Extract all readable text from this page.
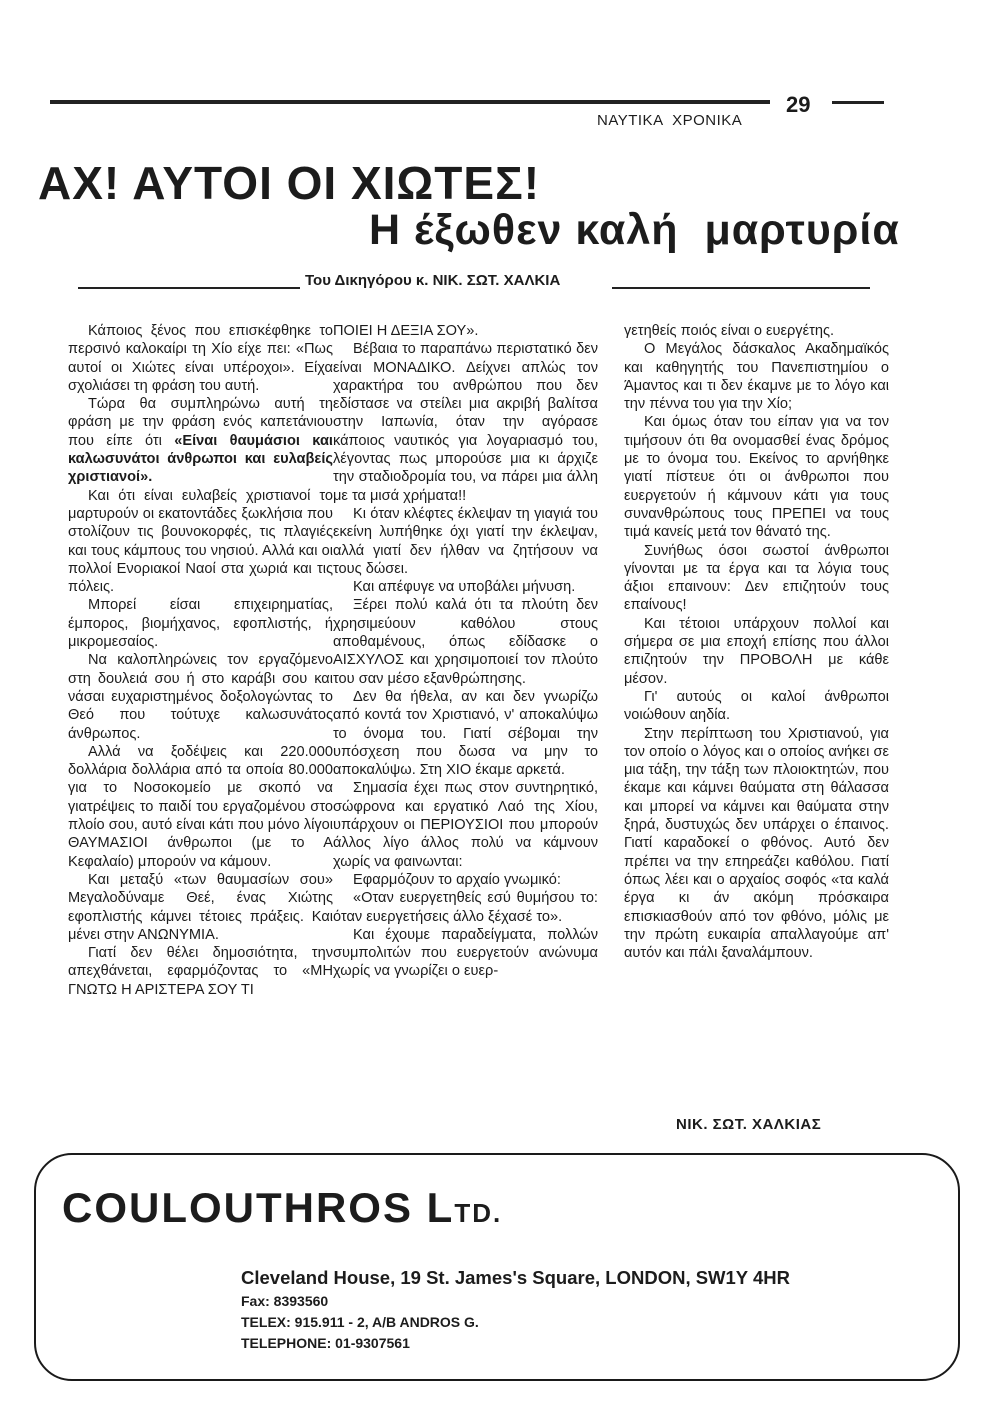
ΝΑΥΤΙΚΑ  ΧΡΟΝΙΚΑ
29
ΑΧ! ΑΥΤΟΙ ΟΙ ΧΙΩΤΕΣ!
Η έξωθεν καλή  μαρτυρία
Του Δικηγόρου κ. ΝΙΚ. ΣΩΤ. ΧΑΛΚΙΑ

Κάποιος ξένος που επισκέφθηκε το περσινό καλοκαίρι τη Χίο είχε πει: «Πως αυτοί οι Χιώτες είναι υπέροχοι». Είχα σχολιάσει τη φράση του αυτή.

Τώρα θα συμπληρώνω αυτή τη φράση με την φράση ενός καπετάνιου που είπε ότι «Είναι θαυμάσιοι και καλωσυνάτοι άνθρωποι και ευλαβείς χριστιανοί».

Και ότι είναι ευλαβείς χριστιανοί το μαρτυρούν οι εκατοντάδες ξωκλήσια που στολίζουν τις βουνοκορφές, τις πλαγιές και τους κάμπους του νησιού. Αλλά και οι πολλοί Ενοριακοί Ναοί στα χωριά και τις πόλεις.

Μπορεί είσαι επιχειρηματίας, έμπορος, βιομήχανος, εφοπλιστής, ή μικρομεσαίος.

Να καλοπληρώνεις τον εργαζόμενο στη δουλειά σου ή στο καράβι σου και νάσαι ευχαριστημένος δοξολογώντας το Θεό που τούτυχε καλωσυνάτος άνθρωπος.

Αλλά να ξοδέψεις και 220.000 δολλάρια δολλάρια από τα οποία 80.000 για το Νοσοκομείο με σκοπό να γιατρέψεις το παιδί του εργαζομένου στο πλοίο σου, αυτό είναι κάτι που μόνο λίγοι ΘΑΥΜΑΣΙΟΙ άνθρωποι (με το Α Κεφαλαίο) μπορούν να κάμουν.

Και μεταξύ «των θαυμασίων σου» Μεγαλοδύναμε Θεέ, ένας Χιώτης εφοπλιστής κάμνει τέτοιες πράξεις. Και μένει στην ΑΝΩΝΥΜΙΑ.

Γιατί δεν θέλει δημοσιότητα, την απεχθάνεται, εφαρμόζοντας το «ΜΗ ΓΝΩΤΩ Η ΑΡΙΣΤΕΡΑ ΣΟΥ ΤΙ

ΠΟΙΕΙ Η ΔΕΞΙΑ ΣΟΥ».

Βέβαια το παραπάνω περιστατικό δεν είναι ΜΟΝΑΔΙΚΟ. Δείχνει απλώς τον χαρακτήρα του ανθρώπου που δεν εδίστασε να στείλει μια ακριβή βαλίτσα στην Ιαπωνία, όταν την αγόρασε κάποιος ναυτικός για λογαριασμό του, λέγοντας πως μπορούσε μια κι άρχιζε την σταδιοδρομία του, να πάρει μια άλλη με τα μισά χρήματα!!

Κι όταν κλέφτες έκλεψαν τη γιαγιά του εκείνη λυπήθηκε όχι γιατί την έκλεψαν, αλλά γιατί δεν ήλθαν να ζητήσουν να τους δώσει.

Και απέφυγε να υποβάλει μήνυση.

Ξέρει πολύ καλά ότι τα πλούτη δεν χρησιμεύουν καθόλου στους αποθαμένους, όπως εδίδασκε ο ΑΙΣΧΥΛΟΣ και χρησιμοποιεί τον πλούτο του σαν μέσο εξανθρώπησης.

Δεν θα ήθελα, αν και δεν γνωρίζω από κοντά τον Χριστιανό, ν' αποκαλύψω το όνομα του. Γιατί σέβομαι την υπόσχεση που δωσα να μην το αποκαλύψω. Στη ΧΙΟ έκαμε αρκετά.

Σημασία έχει πως στον συντηρητικό, σώφρονα και εργατικό Λαό της Χίου, υπάρχουν οι ΠΕΡΙΟΥΣΙΟΙ που μπορούν άλλος λίγο άλλος πολύ να κάμνουν χωρίς να φαινωνται:

Εφαρμόζουν το αρχαίο γνωμικό:

«Οταν ευεργετηθείς εσύ θυμήσου το: όταν ευεργετήσεις άλλο ξέχασέ το».

Και έχουμε παραδείγματα, πολλών συμπολιτών που ευεργετούν ανώνυμα χωρίς να γνωρίζει ο ευερ-

γετηθείς ποιός είναι ο ευεργέτης.

Ο Μεγάλος δάσκαλος Ακαδημαϊκός και καθηγητής του Πανεπιστημίου ο Άμαντος και τι δεν έκαμνε με το λόγο και την πέννα του για την Χίο;

Και όμως όταν του είπαν για να τον τιμήσουν ότι θα ονομασθεί ένας δρόμος με το όνομα του. Εκείνος το αρνήθηκε γιατί πίστευε ότι οι άνθρωποι που ευεργετούν ή κάμνουν κάτι για τους συνανθρώπους τους ΠΡΕΠΕΙ να τους τιμά κανείς μετά τον θάνατό της.

Συνήθως όσοι σωστοί άνθρωποι γίνονται με τα έργα και τα λόγια τους άξιοι επαινουν: Δεν επιζητούν τους επαίνους!

Και τέτοιοι υπάρχουν πολλοί και σήμερα σε μια εποχή επίσης που άλλοι επιζητούν την ΠΡΟΒΟΛΗ με κάθε μέσον.

Γι' αυτούς οι καλοί άνθρωποι νοιώθουν αηδία.

Στην περίπτωση του Χριστιανού, για τον οποίο ο λόγος και ο οποίος ανήκει σε μια τάξη, την τάξη των πλοιοκτητών, που έκαμε και κάμνει θαύματα στη θάλασσα και μπορεί να κάμνει και θαύματα στην ξηρά, δυστυχώς δεν υπάρχει ο έπαινος. Γιατί καραδοκεί ο φθόνος. Αυτό δεν πρέπει να την επηρεάζει καθόλου. Γιατί όπως λέει και ο αρχαίος σοφός «τα καλά έργα κι άν ακόμη πρόσκαιρα επισκιασθούν από τον φθόνο, μόλις με την πρώτη ευκαιρία απαλλαγούμε απ' αυτόν και πάλι ξαναλάμπουν.

ΝΙΚ. ΣΩΤ. ΧΑΛΚΙΑΣ
COULOUTHROS LTD.
Cleveland House, 19 St. James's Square, LONDON, SW1Y 4HR
Fax: 8393560
TELEX: 915.911 - 2, A/B ANDROS G.
TELEPHONE: 01-9307561
